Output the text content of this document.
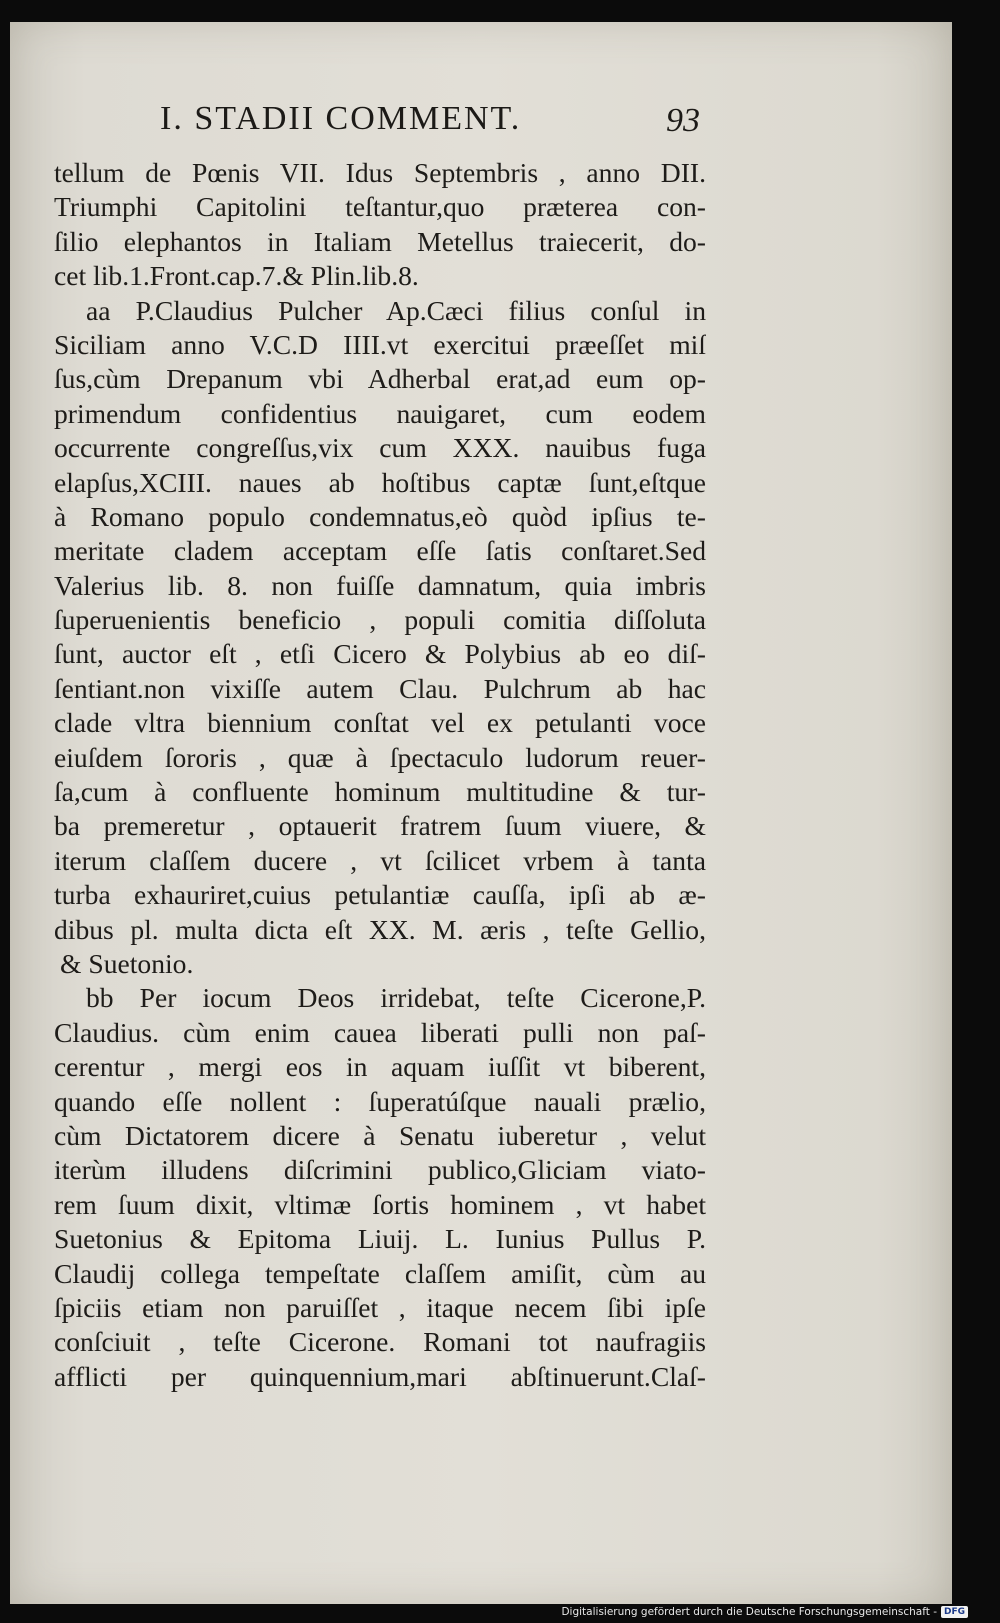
I. STADII COMMENT.	93
tellum de Pœnis VII. Idus Septembris , anno DII.
Triumphi Capitolini teſtantur,quo præterea con-
ſilio elephantos in Italiam Metellus traiecerit, do-
cet lib.1.Front.cap.7.& Plin.lib.8.
aa P.Claudius Pulcher Ap.Cæci filius conſul in
Siciliam anno V.C.D IIII.vt exercitui præeſſet miſ
ſus,cùm Drepanum vbi Adherbal erat,ad eum op-
primendum confidentius nauigaret, cum eodem
occurrente congreſſus,vix cum XXX. nauibus fuga
elapſus,XCIII. naues ab hoſtibus captæ ſunt,eſtque
à Romano populo condemnatus,eò quòd ipſius te-
meritate cladem acceptam eſſe ſatis conſtaret.Sed
Valerius lib. 8. non fuiſſe damnatum, quia imbris
ſuperuenientis beneficio , populi comitia diſſoluta
ſunt, auctor eſt , etſi Cicero & Polybius ab eo diſ-
ſentiant.non vixiſſe autem Clau. Pulchrum ab hac
clade vltra biennium conſtat vel ex petulanti voce
eiuſdem ſororis , quæ à ſpectaculo ludorum reuer-
ſa,cum à confluente hominum multitudine & tur-
ba premeretur , optauerit fratrem ſuum viuere, &
iterum claſſem ducere , vt ſcilicet vrbem à tanta
turba exhauriret,cuius petulantiæ cauſſa, ipſi ab æ-
dibus pl. multa dicta eſt XX. M. æris , teſte Gellio,
& Suetonio.
bb Per iocum Deos irridebat, teſte Cicerone,P.
Claudius. cùm enim cauea liberati pulli non paſ-
cerentur , mergi eos in aquam iuſſit vt biberent,
quando eſſe nollent : ſuperatúſque nauali prælio,
cùm Dictatorem dicere à Senatu iuberetur , velut
iterùm illudens diſcrimini publico,Gliciam viato-
rem ſuum dixit, vltimæ ſortis hominem , vt habet
Suetonius & Epitoma Liuij. L. Iunius Pullus P.
Claudij collega tempeſtate claſſem amiſit, cùm au
ſpiciis etiam non paruiſſet , itaque necem ſibi ipſe
conſciuit , teſte Cicerone. Romani tot naufragiis
afflicti per quinquennium,mari abſtinuerunt.Claſ-
Digitalisierung gefördert durch die Deutsche Forschungsgemeinschaft - DFG
